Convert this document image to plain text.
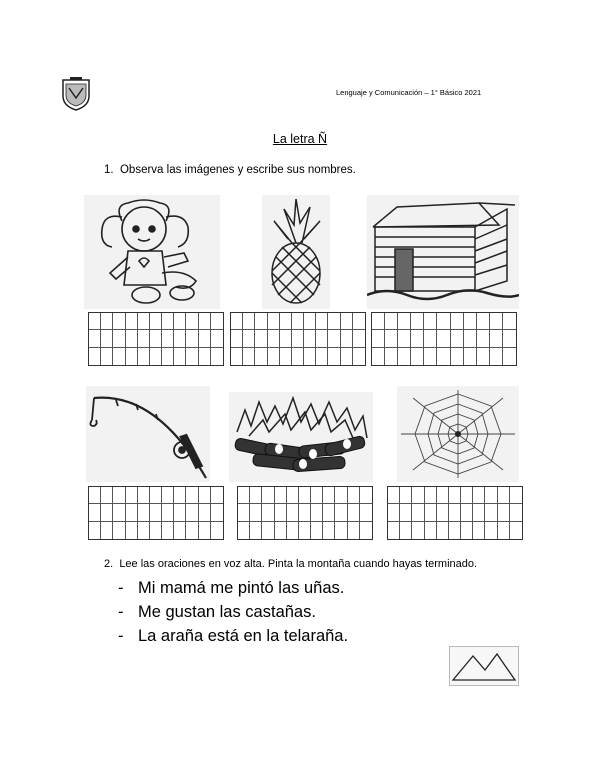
Lenguaje y Comunicación – 1° Básico 2021
La letra Ñ
1. Observa las imágenes y escribe sus nombres.
2. Lee las oraciones en voz alta. Pinta la montaña cuando hayas terminado.
- Mi mamá me pintó las uñas.
- Me gustan las castañas.
- La araña está en la telaraña.
